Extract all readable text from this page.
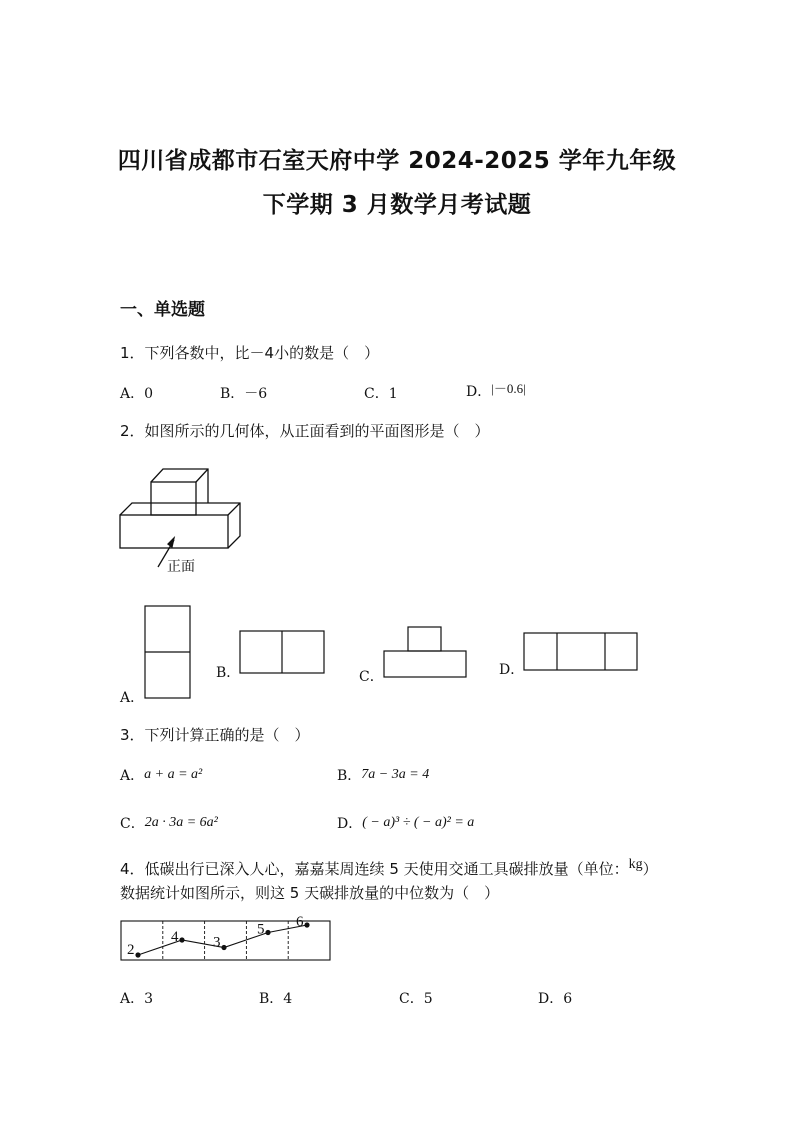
四川省成都市石室天府中学 2024-2025 学年九年级
下学期 3 月数学月考试题
一、单选题
1．下列各数中，比－4小的数是（　）
A．0	B．－6	C．1	D．|－0.6|
2．如图所示的几何体，从正面看到的平面图形是（　）
正面
A．
B．	C．	D．
3．下列计算正确的是（　）
A．a + a = a²	B．7a − 3a = 4
C．2a · 3a = 6a²	D．( − a)³ ÷ ( − a)² = a
4．低碳出行已深入人心，嘉嘉某周连续 5 天使用交通工具碳排放量（单位：kg）
数据统计如图所示，则这 5 天碳排放量的中位数为（　）
2
4 3
5 6
A．3	B．4	C．5	D．6
